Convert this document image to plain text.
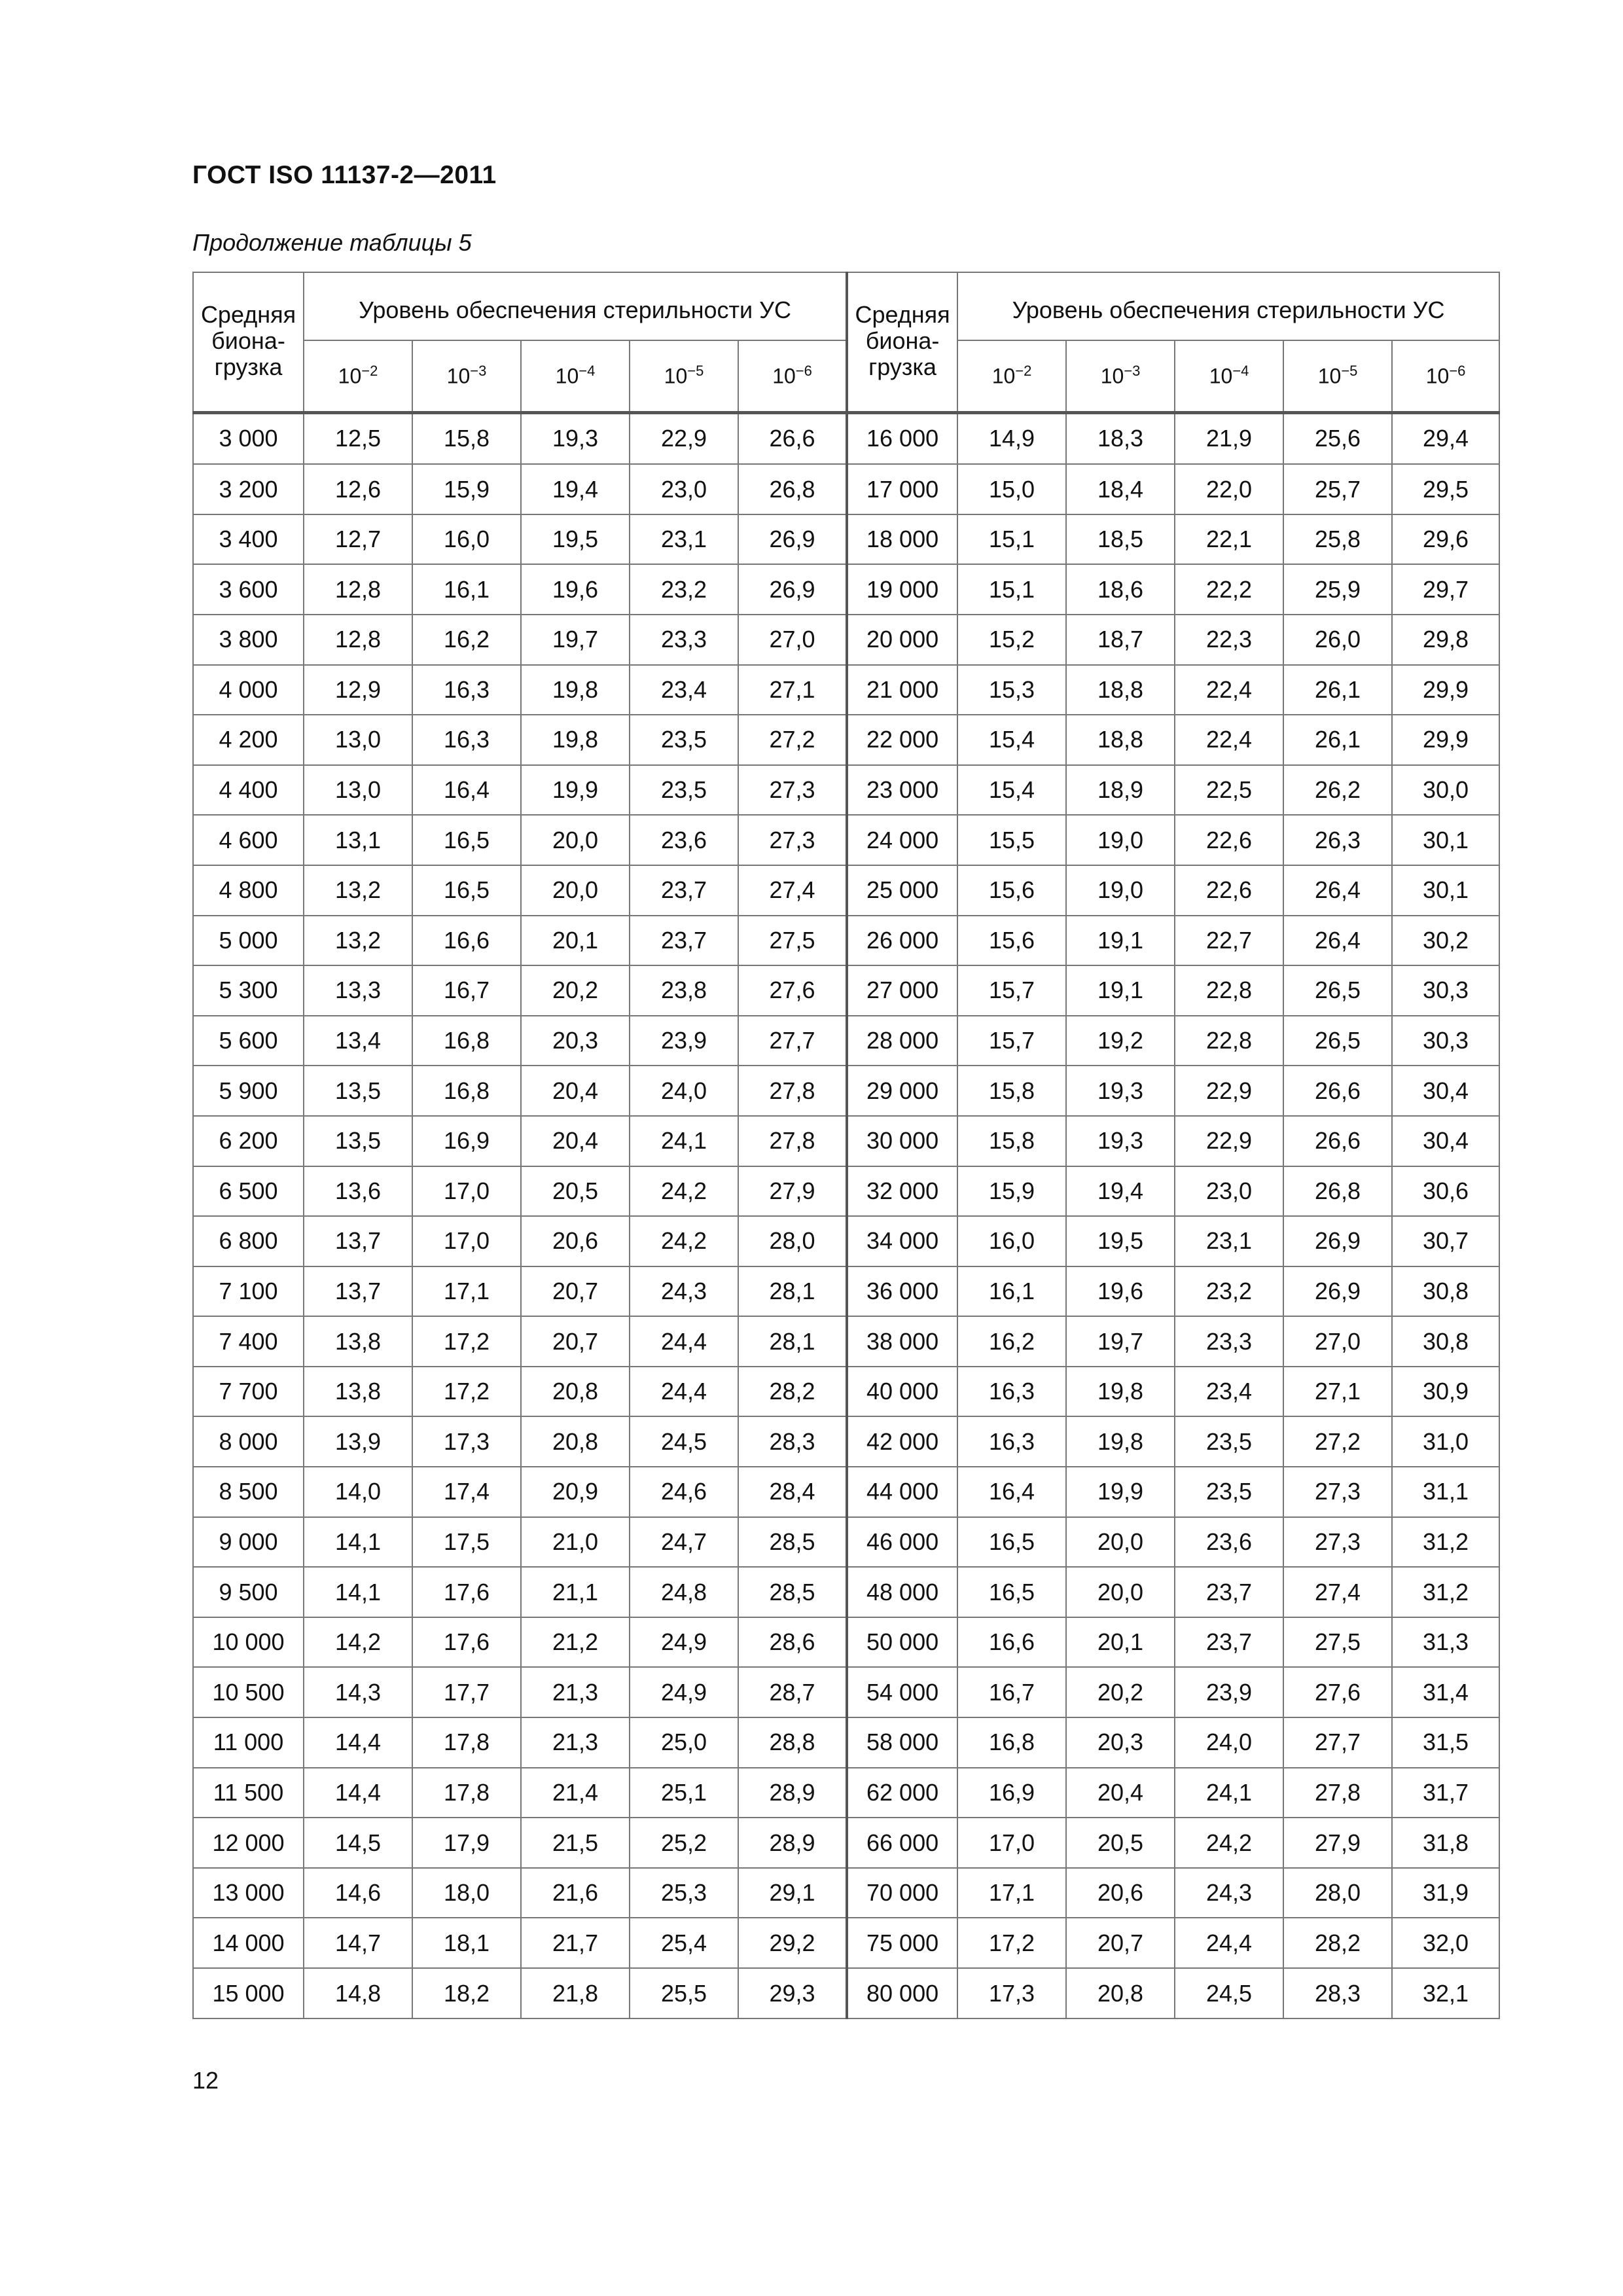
ГОСТ ISO 11137-2—2011
Продолжение таблицы 5
Средняя
биона-
грузка	Уровень обеспечения стерильности УС					Средняя
биона-
грузка	Уровень обеспечения стерильности УС				
	$10^{-2}$	$10^{-3}$	$10^{-4}$	$10^{-5}$	$10^{-6}$		$10^{-2}$	$10^{-3}$	$10^{-4}$	$10^{-5}$	$10^{-6}$
3 000	12,5	15,8	19,3	22,9	26,6	16 000	14,9	18,3	21,9	25,6	29,4
3 200	12,6	15,9	19,4	23,0	26,8	17 000	15,0	18,4	22,0	25,7	29,5
3 400	12,7	16,0	19,5	23,1	26,9	18 000	15,1	18,5	22,1	25,8	29,6
3 600	12,8	16,1	19,6	23,2	26,9	19 000	15,1	18,6	22,2	25,9	29,7
3 800	12,8	16,2	19,7	23,3	27,0	20 000	15,2	18,7	22,3	26,0	29,8
4 000	12,9	16,3	19,8	23,4	27,1	21 000	15,3	18,8	22,4	26,1	29,9
4 200	13,0	16,3	19,8	23,5	27,2	22 000	15,4	18,8	22,4	26,1	29,9
4 400	13,0	16,4	19,9	23,5	27,3	23 000	15,4	18,9	22,5	26,2	30,0
4 600	13,1	16,5	20,0	23,6	27,3	24 000	15,5	19,0	22,6	26,3	30,1
4 800	13,2	16,5	20,0	23,7	27,4	25 000	15,6	19,0	22,6	26,4	30,1
5 000	13,2	16,6	20,1	23,7	27,5	26 000	15,6	19,1	22,7	26,4	30,2
5 300	13,3	16,7	20,2	23,8	27,6	27 000	15,7	19,1	22,8	26,5	30,3
5 600	13,4	16,8	20,3	23,9	27,7	28 000	15,7	19,2	22,8	26,5	30,3
5 900	13,5	16,8	20,4	24,0	27,8	29 000	15,8	19,3	22,9	26,6	30,4
6 200	13,5	16,9	20,4	24,1	27,8	30 000	15,8	19,3	22,9	26,6	30,4
6 500	13,6	17,0	20,5	24,2	27,9	32 000	15,9	19,4	23,0	26,8	30,6
6 800	13,7	17,0	20,6	24,2	28,0	34 000	16,0	19,5	23,1	26,9	30,7
7 100	13,7	17,1	20,7	24,3	28,1	36 000	16,1	19,6	23,2	26,9	30,8
7 400	13,8	17,2	20,7	24,4	28,1	38 000	16,2	19,7	23,3	27,0	30,8
7 700	13,8	17,2	20,8	24,4	28,2	40 000	16,3	19,8	23,4	27,1	30,9
8 000	13,9	17,3	20,8	24,5	28,3	42 000	16,3	19,8	23,5	27,2	31,0
8 500	14,0	17,4	20,9	24,6	28,4	44 000	16,4	19,9	23,5	27,3	31,1
9 000	14,1	17,5	21,0	24,7	28,5	46 000	16,5	20,0	23,6	27,3	31,2
9 500	14,1	17,6	21,1	24,8	28,5	48 000	16,5	20,0	23,7	27,4	31,2
10 000	14,2	17,6	21,2	24,9	28,6	50 000	16,6	20,1	23,7	27,5	31,3
10 500	14,3	17,7	21,3	24,9	28,7	54 000	16,7	20,2	23,9	27,6	31,4
11 000	14,4	17,8	21,3	25,0	28,8	58 000	16,8	20,3	24,0	27,7	31,5
11 500	14,4	17,8	21,4	25,1	28,9	62 000	16,9	20,4	24,1	27,8	31,7
12 000	14,5	17,9	21,5	25,2	28,9	66 000	17,0	20,5	24,2	27,9	31,8
13 000	14,6	18,0	21,6	25,3	29,1	70 000	17,1	20,6	24,3	28,0	31,9
14 000	14,7	18,1	21,7	25,4	29,2	75 000	17,2	20,7	24,4	28,2	32,0
15 000	14,8	18,2	21,8	25,5	29,3	80 000	17,3	20,8	24,5	28,3	32,1
12
